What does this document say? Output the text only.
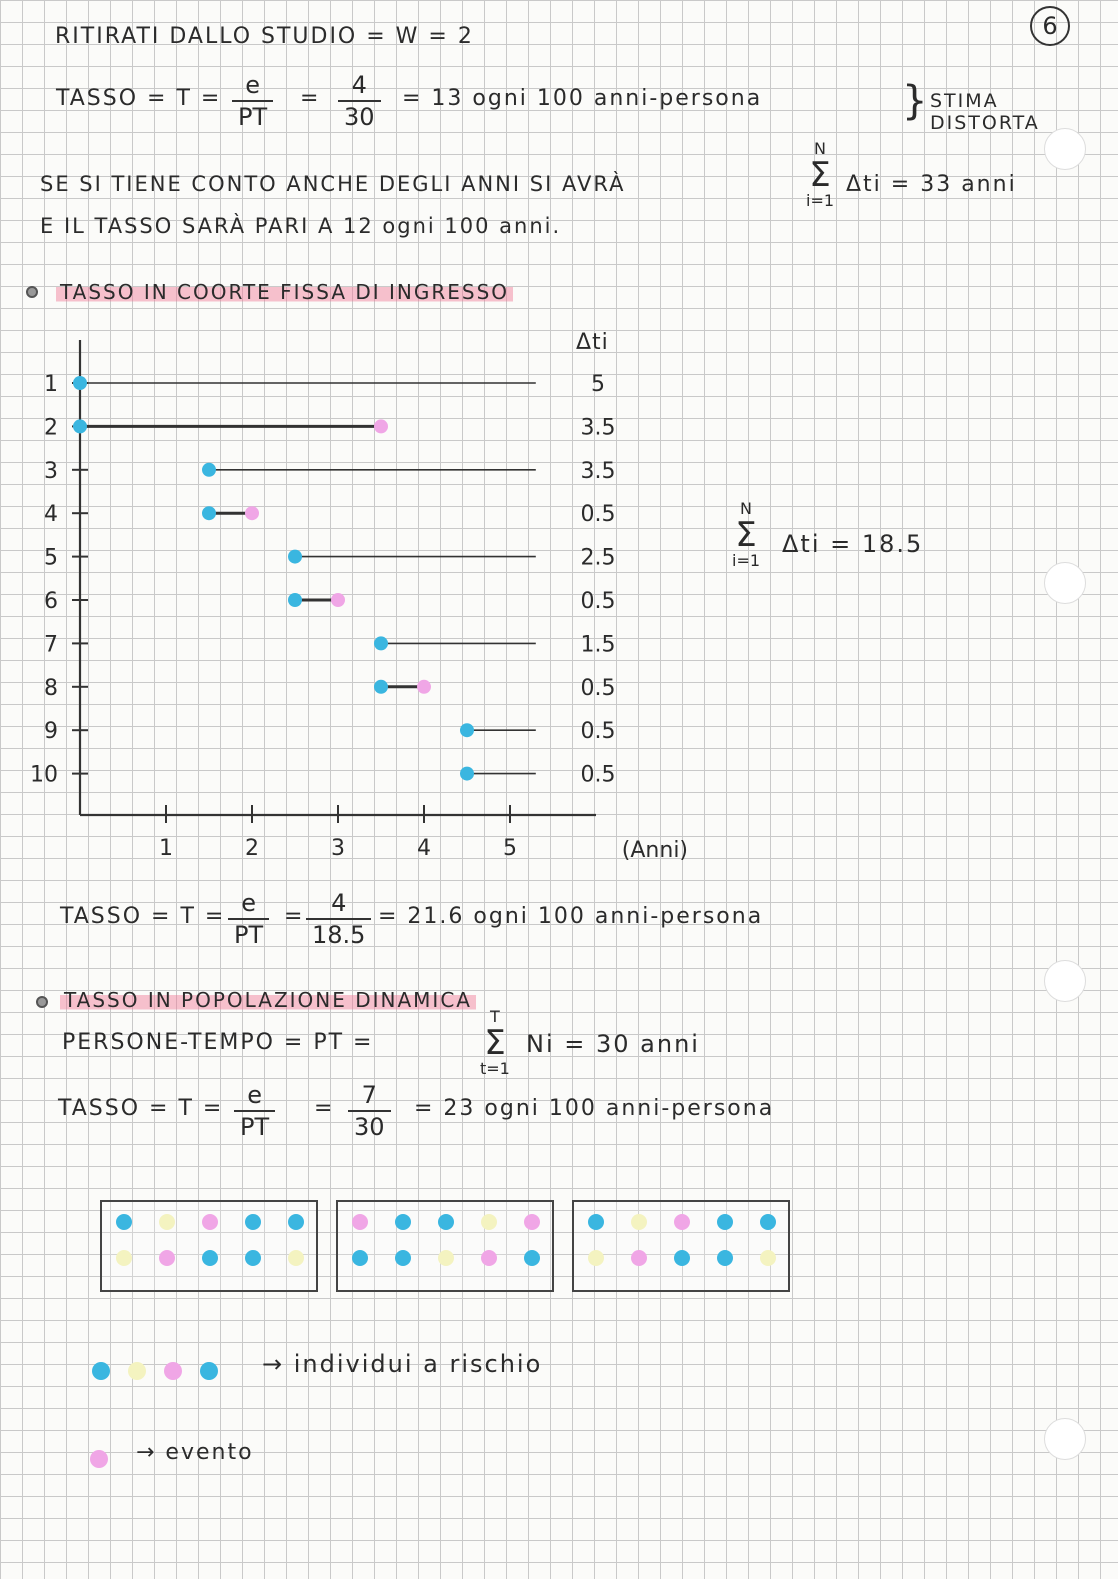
6
RITIRATI DALLO STUDIO = W = 2
TASSO = $T = \frac{e}{PT} = \frac{4}{30} = 13$ ogni 100 anni-persona	} STIMA
DISTORTA
SE SI TIENE CONTO ANCHE DEGLI ANNI SI AVRÀ
N
Σ
i=1
Δti = 33 anni
E IL TASSO SARÀ PARI A 12 ogni 100 anni.
TASSO IN COORTE FISSA DI INGRESSO
1	2	3	4	5	(Anni)
1	5
2	3.5
3	3.5
4	0.5
5	2.5
6	0.5
7	1.5
8	0.5
9	0.5
10	0.5
Δti
N
Σ
i=1
Δti = 18.5
TASSO = $T = \frac{e}{PT} = \frac{4}{18.5} = 21.6$ ogni 100 anni-persona
TASSO IN POPOLAZIONE DINAMICA
PERSONE-TEMPO = PT =
T
Σ
t=1
Ni = 30 anni
TASSO = $T = \frac{e}{PT} = \frac{7}{30} = 23$ ogni 100 anni-persona
→ individui a rischio
→ evento
